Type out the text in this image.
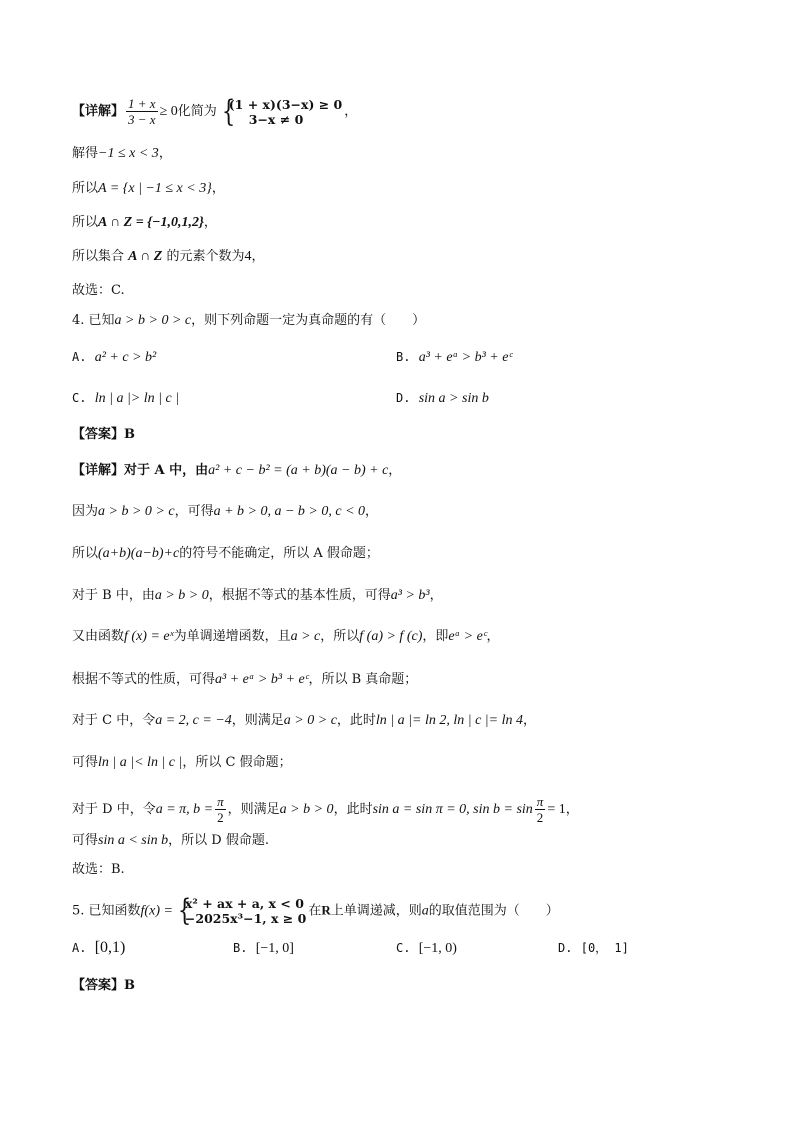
【详解】 $\frac{1 + x}{3 - x} \ge 0$化简为 {
(1 + x)(3−x) ≥ 0
3−x ≠ 0	，
解得−1 ≤ x < 3，
所以A = {x | −1 ≤ x < 3}，
所以A ∩ Z = {−1,0,1,2}，
所以集合 A ∩ Z 的元素个数为4，
故选：C.
4. 已知a > b > 0 > c，则下列命题一定为真命题的有（　　）
A. a² + c > b²	B. a³ + eᵃ > b³ + eᶜ
C. ln | a |> ln | c |	D. sin a > sin b
【答案】B
【详解】对于 A 中，由a² + c − b² = (a + b)(a − b) + c，
因为a > b > 0 > c，可得a + b > 0, a − b > 0, c < 0，
所以(a+b)(a−b)+c的符号不能确定，所以 A 假命题；
对于 B 中，由a > b > 0，根据不等式的基本性质，可得a³ > b³，
又由函数f (x) = eˣ为单调递增函数，且a > c，所以f (a) > f (c)，即eᵃ > eᶜ，
根据不等式的性质，可得a³ + eᵃ > b³ + eᶜ，所以 B 真命题；
对于 C 中，令a = 2, c = −4，则满足a > 0 > c，此时ln | a |= ln 2, ln | c |= ln 4，
可得ln | a |< ln | c |，所以 C 假命题；
对于 D 中，令a = π, $b = \frac{\pi}{2}$ ，则满足a > b > 0，此时sin a = sin π = 0, $\sin b = \sin \frac{\pi}{2} = 1$，
可得sin a < sin b，所以 D 假命题.
故选：B.
5. 已知函数f(x) = {
x² + ax + a, x < 0
−2025x³−1, x ≥ 0 在R上单调递减，则a的取值范围为（　　）
A. [0,1)	B. [−1, 0]	C. [−1, 0)	D. [0， 1]
【答案】B
